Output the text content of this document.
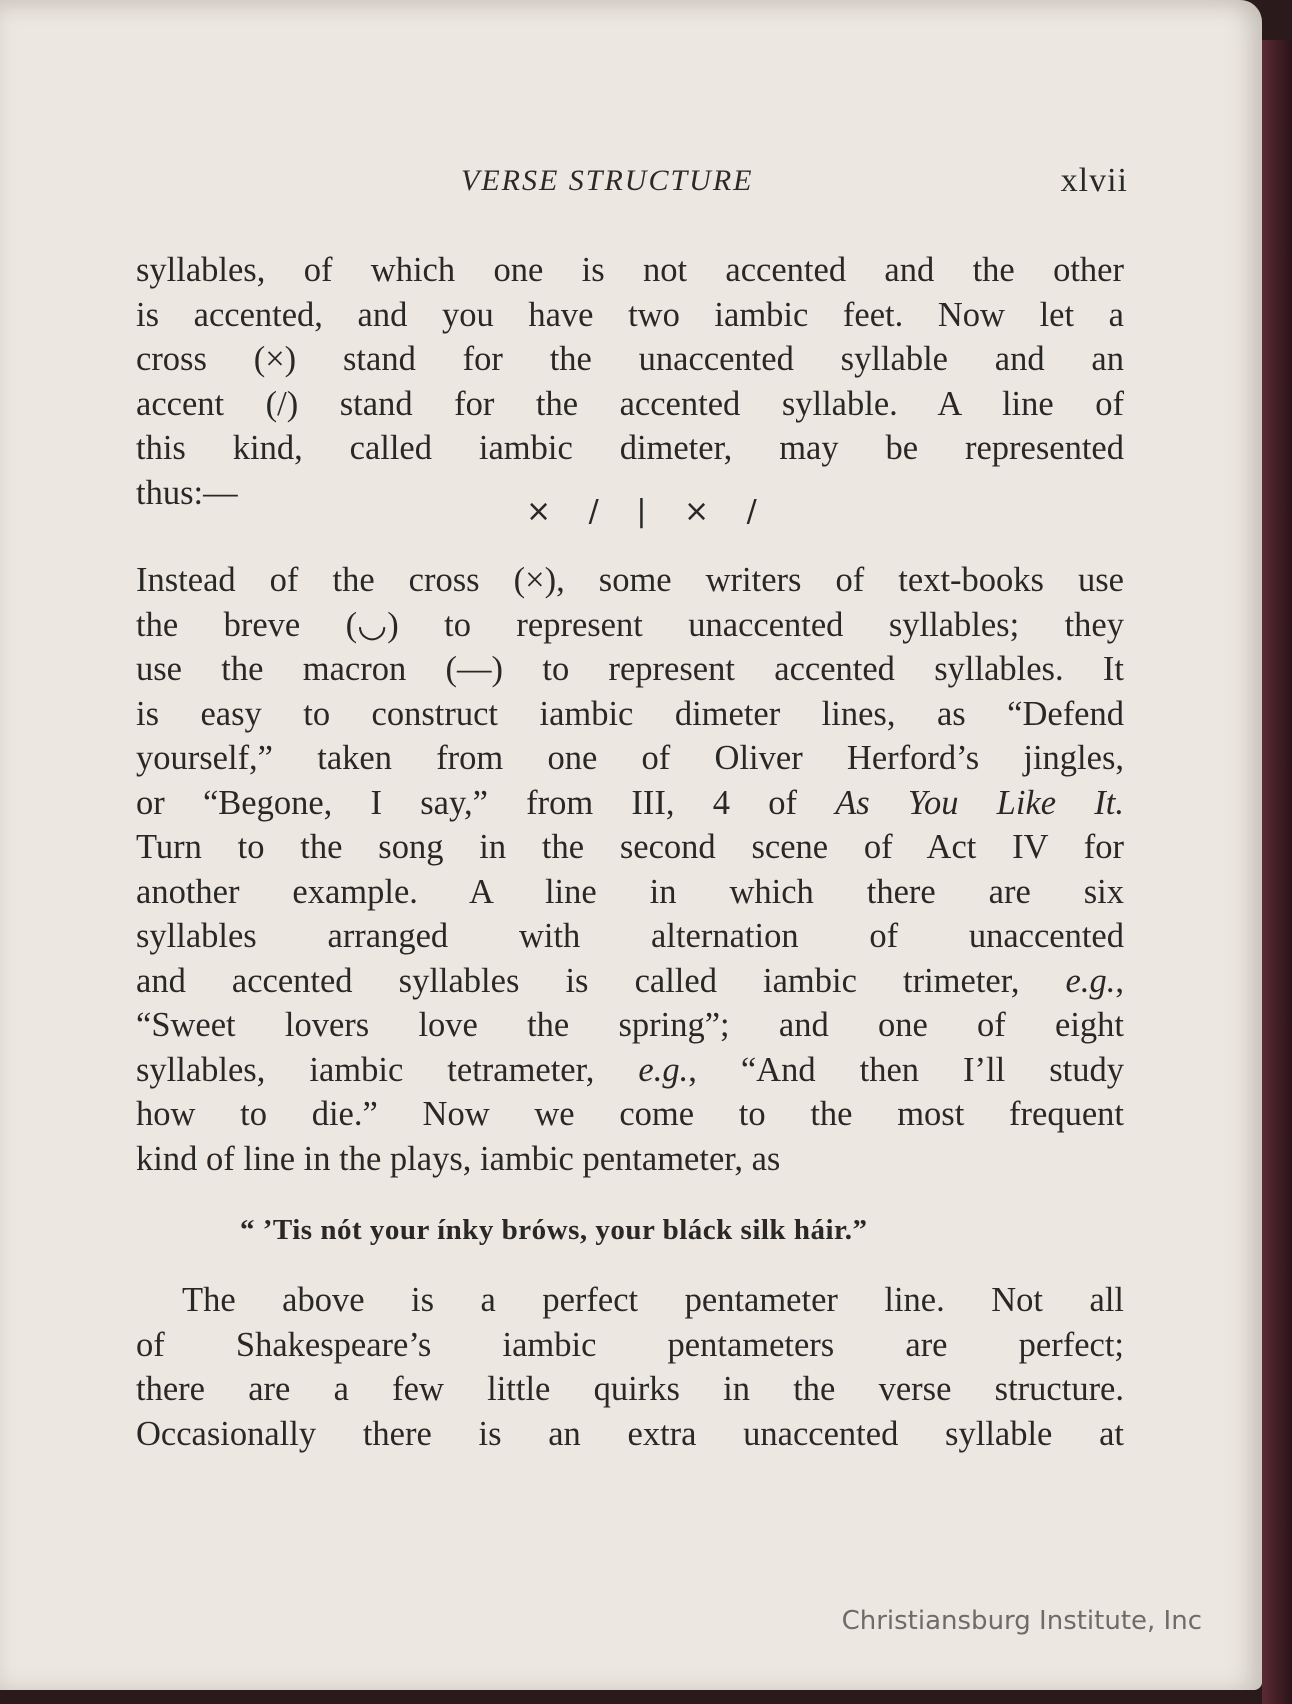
VERSE STRUCTURE	xlvii
syllables, of which one is not accented and the other
is accented, and you have two iambic feet. Now let a
cross (×) stand for the unaccented syllable and an
accent (/) stand for the accented syllable. A line of
this kind, called iambic dimeter, may be represented
thus:—	× / | × /
Instead of the cross (×), some writers of text-books use
the breve (◡) to represent unaccented syllables; they
use the macron (—) to represent accented syllables. It
is easy to construct iambic dimeter lines, as “Defend
yourself,” taken from one of Oliver Herford’s jingles,
or “Begone, I say,” from III, 4 of As You Like It.
Turn to the song in the second scene of Act IV for
another example. A line in which there are six
syllables arranged with alternation of unaccented
and accented syllables is called iambic trimeter, e.g.,
“Sweet lovers love the spring”; and one of eight
syllables, iambic tetrameter, e.g., “And then I’ll study
how to die.” Now we come to the most frequent
kind of line in the plays, iambic pentameter, as
“ ’Tis nót your ínky bróws, your bláck silk háir.”
The above is a perfect pentameter line. Not all
of Shakespeare’s iambic pentameters are perfect;
there are a few little quirks in the verse structure.
Occasionally there is an extra unaccented syllable at
Christiansburg Institute, Inc
